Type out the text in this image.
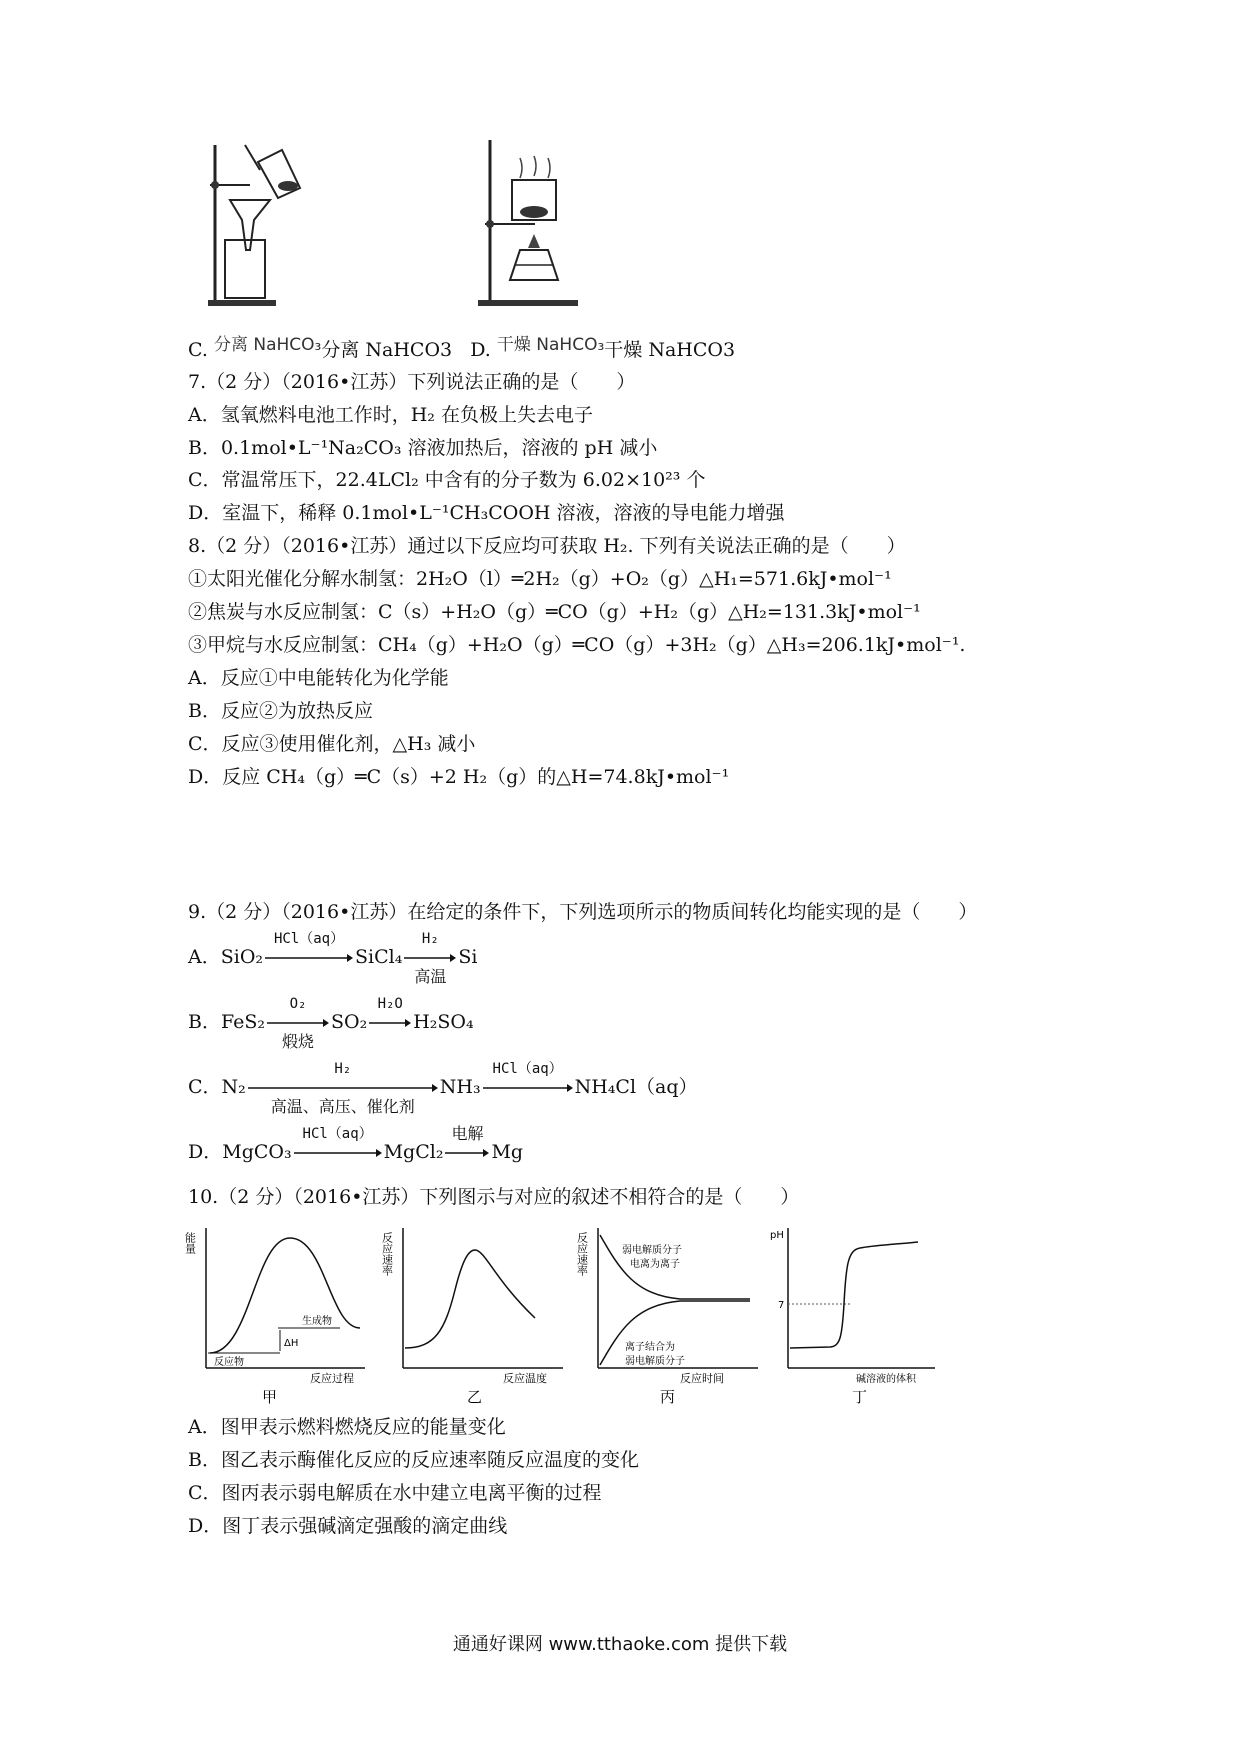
C. 分离 NaHCO₃分离 NaHCO3 D. 干燥 NaHCO₃干燥 NaHCO3
7.（2 分）（2016•江苏）下列说法正确的是（　　）
A．氢氧燃料电池工作时，H₂ 在负极上失去电子
B．0.1mol•L⁻¹Na₂CO₃ 溶液加热后，溶液的 pH 减小
C．常温常压下，22.4LCl₂ 中含有的分子数为 6.02×10²³ 个
D．室温下，稀释 0.1mol•L⁻¹CH₃COOH 溶液，溶液的导电能力增强
8.（2 分）（2016•江苏）通过以下反应均可获取 H₂. 下列有关说法正确的是（　　）
①太阳光催化分解水制氢：2H₂O（l）═2H₂（g）+O₂（g）△H₁=571.6kJ•mol⁻¹
②焦炭与水反应制氢：C（s）+H₂O（g）═CO（g）+H₂（g）△H₂=131.3kJ•mol⁻¹
③甲烷与水反应制氢：CH₄（g）+H₂O（g）═CO（g）+3H₂（g）△H₃=206.1kJ•mol⁻¹.
A．反应①中电能转化为化学能
B．反应②为放热反应
C．反应③使用催化剂，△H₃ 减小
D．反应 CH₄（g）═C（s）+2 H₂（g）的△H=74.8kJ•mol⁻¹
9.（2 分）（2016•江苏）在给定的条件下，下列选项所示的物质间转化均能实现的是（　　）
A．SiO₂
HCl（aq）
SiCl₄
H₂
高温
Si
B．FeS₂
O₂
煅烧
SO₂
H₂O
H₂SO₄
C．N₂
H₂
高温、高压、催化剂
NH₃
HCl（aq）
NH₄Cl（aq）
D．MgCO₃
HCl（aq）
MgCl₂
电解
Mg
10.（2 分）（2016•江苏）下列图示与对应的叙述不相符合的是（　　）
能量
ΔH
生成物
反应物
反应过程
甲
反应速率
反应温度
乙
反应速率	弱电解质分子
电离为离子
离子结合为
弱电解质分子
反应时间
丙
pH
7
碱溶液的体积
丁
A．图甲表示燃料燃烧反应的能量变化
B．图乙表示酶催化反应的反应速率随反应温度的变化
C．图丙表示弱电解质在水中建立电离平衡的过程
D．图丁表示强碱滴定强酸的滴定曲线
通通好课网 www.tthaoke.com 提供下载
